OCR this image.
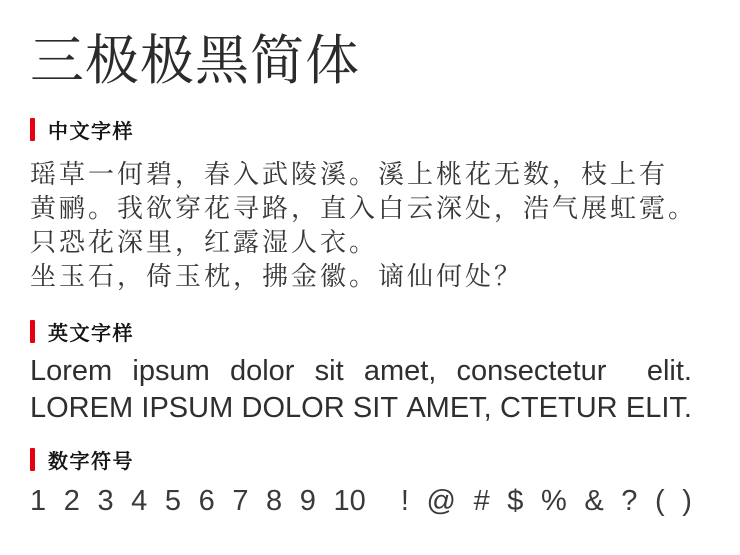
三极极黑简体
中文字样

瑶草一何碧，春入武陵溪。溪上桃花无数，枝上有

黄鹂。我欲穿花寻路，直入白云深处，浩气展虹霓。

只恐花深里，红露湿人衣。

坐玉石，倚玉枕，拂金徽。谪仙何处？

英文字样

Lorem ipsum dolor sit amet, consectetur elit.

LOREM IPSUM DOLOR SIT AMET, CTETUR ELIT.

数字符号

1 2 3 4 5 6 7 8 9 10 ! @ # $ % & ? ( )
